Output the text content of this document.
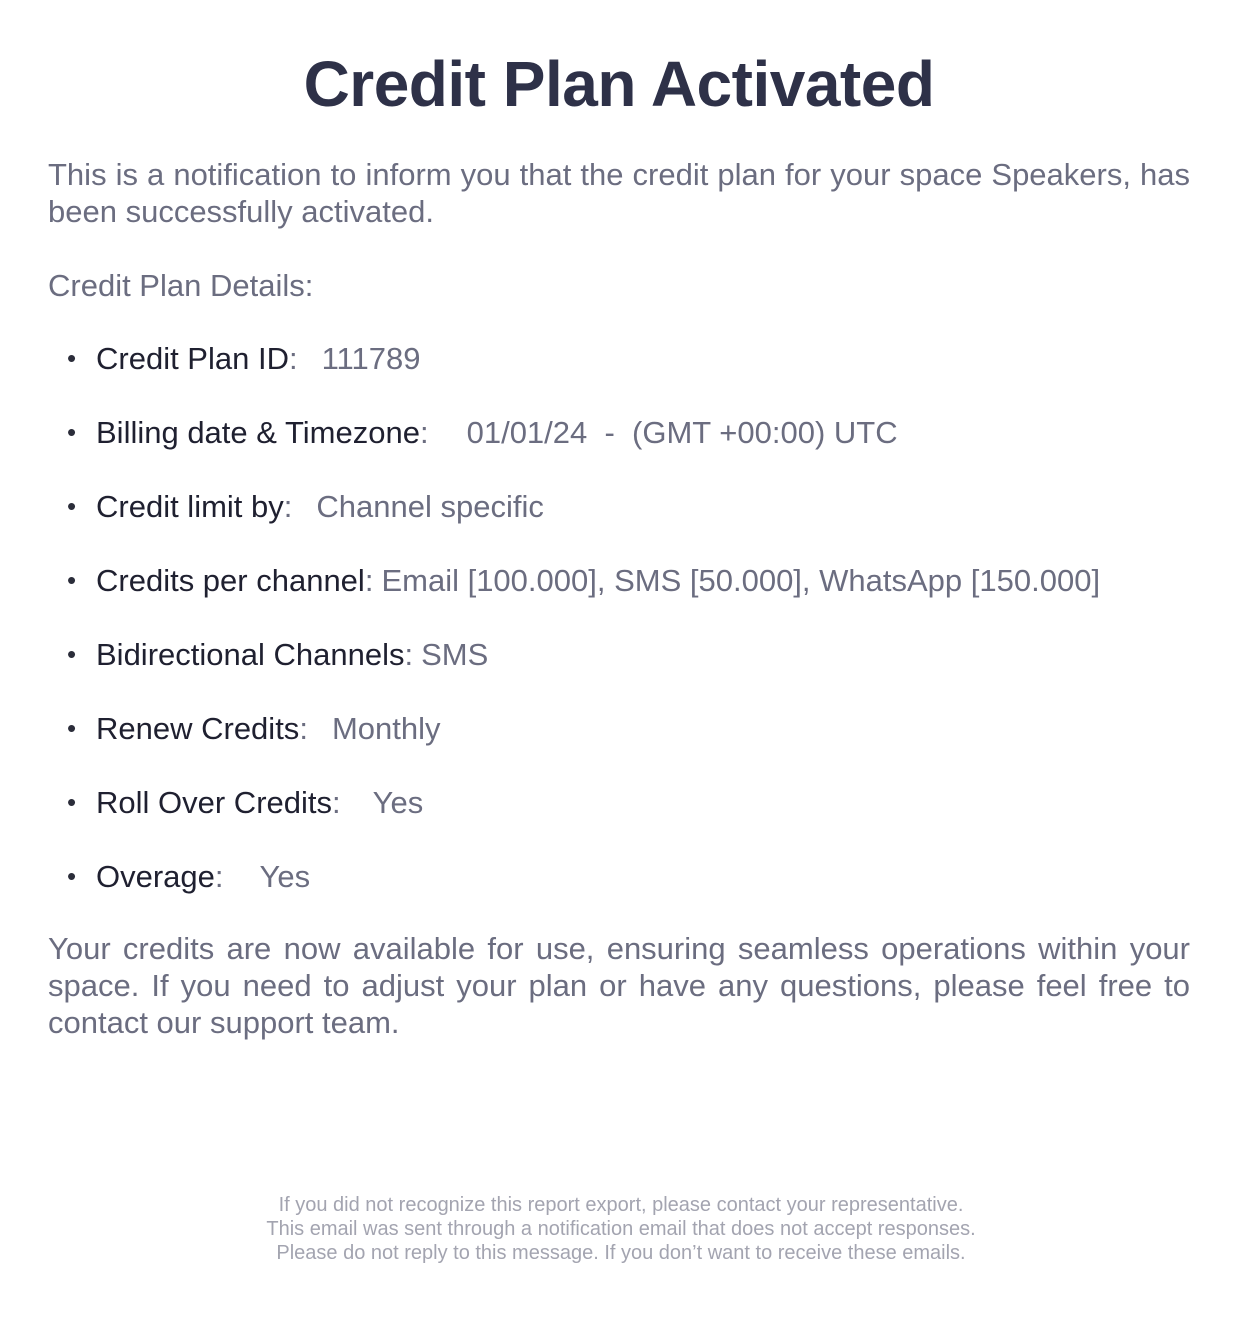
Credit Plan Activated

This is a notification to inform you that the credit plan for your space Speakers, has been successfully activated.

Credit Plan Details:

• Credit Plan ID: 111789
• Billing date & Timezone: 01/01/24  -  (GMT +00:00) UTC
• Credit limit by: Channel specific
• Credits per channel: Email [100.000], SMS [50.000], WhatsApp [150.000]
• Bidirectional Channels: SMS
• Renew Credits: Monthly
• Roll Over Credits: Yes
• Overage: Yes

Your credits are now available for use, ensuring seamless operations within your space. If you need to adjust your plan or have any questions, please feel free to contact our support team.

If you did not recognize this report export, please contact your representative.
This email was sent through a notification email that does not accept responses.
Please do not reply to this message. If you don’t want to receive these emails.
